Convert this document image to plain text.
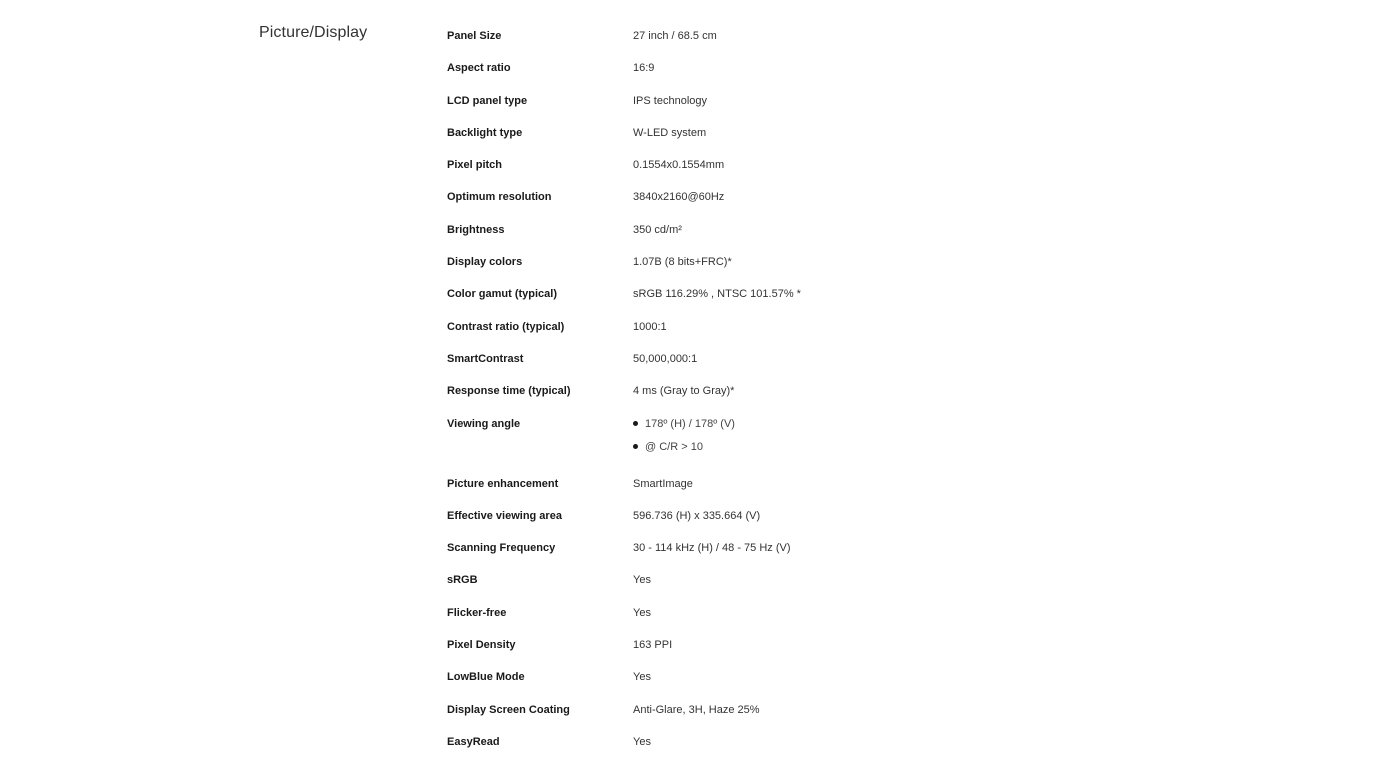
Picture/Display	Panel Size	27 inch / 68.5 cm
Aspect ratio	16:9
LCD panel type	IPS technology
Backlight type	W-LED system
Pixel pitch	0.1554x0.1554mm
Optimum resolution	3840x2160@60Hz
Brightness	350 cd/m²
Display colors	1.07B (8 bits+FRC)*
Color gamut (typical)	sRGB 116.29% , NTSC 101.57% *
Contrast ratio (typical)	1000:1
SmartContrast	50,000,000:1
Response time (typical)	4 ms (Gray to Gray)*
Viewing angle	178º (H) / 178º (V)
@ C/R > 10
Picture enhancement	SmartImage
Effective viewing area	596.736 (H) x 335.664 (V)
Scanning Frequency	30 - 114 kHz (H) / 48 - 75 Hz (V)
sRGB	Yes
Flicker-free	Yes
Pixel Density	163 PPI
LowBlue Mode	Yes
Display Screen Coating	Anti-Glare, 3H, Haze 25%
EasyRead	Yes
